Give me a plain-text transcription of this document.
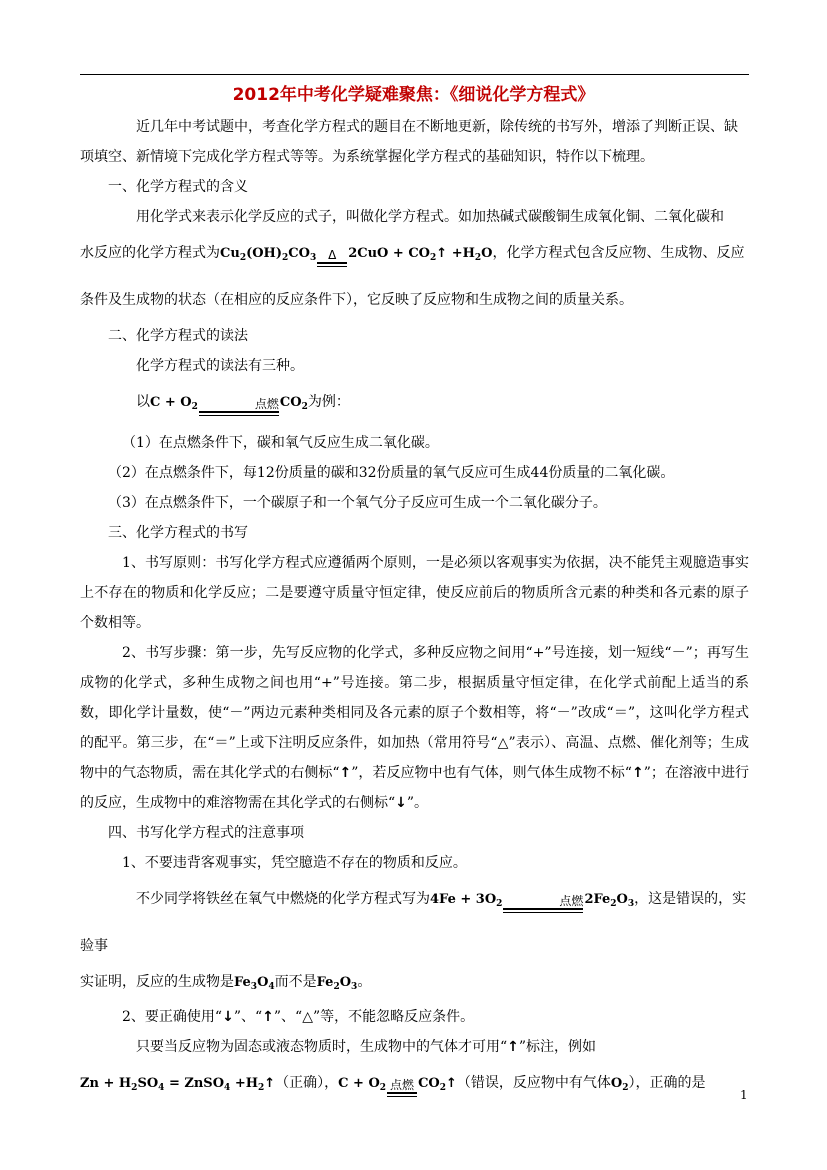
2012年中考化学疑难聚焦：《细说化学方程式》

近几年中考试题中，考查化学方程式的题目在不断地更新，除传统的书写外，增添了判断正误、缺项填空、新情境下完成化学方程式等等。为系统掌握化学方程式的基础知识，特作以下梳理。

一、化学方程式的含义

用化学式来表示化学反应的式子，叫做化学方程式。如加热碱式碳酸铜生成氧化铜、二氧化碳和

水反应的化学方程式为$Cu_2(OH)_2CO_3$ Δ $2CuO + CO_2↑ +H_2O$，化学方程式包含反应物、生成物、反应条件及生成物的状态（在相应的反应条件下），它反映了反应物和生成物之间的质量关系。

二、化学方程式的读法

化学方程式的读法有三种。

以$C + O_2$	点燃 $CO_2$为例：

（1）在点燃条件下，碳和氧气反应生成二氧化碳。

（2）在点燃条件下，每12份质量的碳和32份质量的氧气反应可生成44份质量的二氧化碳。

（3）在点燃条件下，一个碳原子和一个氧气分子反应可生成一个二氧化碳分子。

三、化学方程式的书写

1、书写原则：书写化学方程式应遵循两个原则，一是必须以客观事实为依据，决不能凭主观臆造事实上不存在的物质和化学反应；二是要遵守质量守恒定律，使反应前后的物质所含元素的种类和各元素的原子个数相等。

2、书写步骤：第一步，先写反应物的化学式，多种反应物之间用“+”号连接，划一短线“－”；再写生成物的化学式，多种生成物之间也用“+”号连接。第二步，根据质量守恒定律，在化学式前配上适当的系数，即化学计量数，使“－”两边元素种类相同及各元素的原子个数相等，将“－”改成“＝”，这叫化学方程式的配平。第三步，在“＝”上或下注明反应条件，如加热（常用符号“△”表示）、高温、点燃、催化剂等；生成物中的气态物质，需在其化学式的右侧标“↑”，若反应物中也有气体，则气体生成物不标“↑”；在溶液中进行的反应，生成物中的难溶物需在其化学式的右侧标“↓”。

四、书写化学方程式的注意事项

1、不要违背客观事实，凭空臆造不存在的物质和反应。

不少同学将铁丝在氧气中燃烧的化学方程式写为$4Fe + 3O_2$	点燃 $2Fe_2O_3$，这是错误的，实验事

实证明，反应的生成物是$Fe_3O_4$而不是$Fe_2O_3$。

2、要正确使用“↓”、“↑”、“△”等，不能忽略反应条件。

只要当反应物为固态或液态物质时，生成物中的气体才可用“↑”标注，例如

$Zn + H_2SO_4$ = ZnSO$_4$ $+H_2↑$（正确），$C + O_2$ 点燃 $CO_2↑$（错误，反应物中有气体$O_2$），正确的是

1
